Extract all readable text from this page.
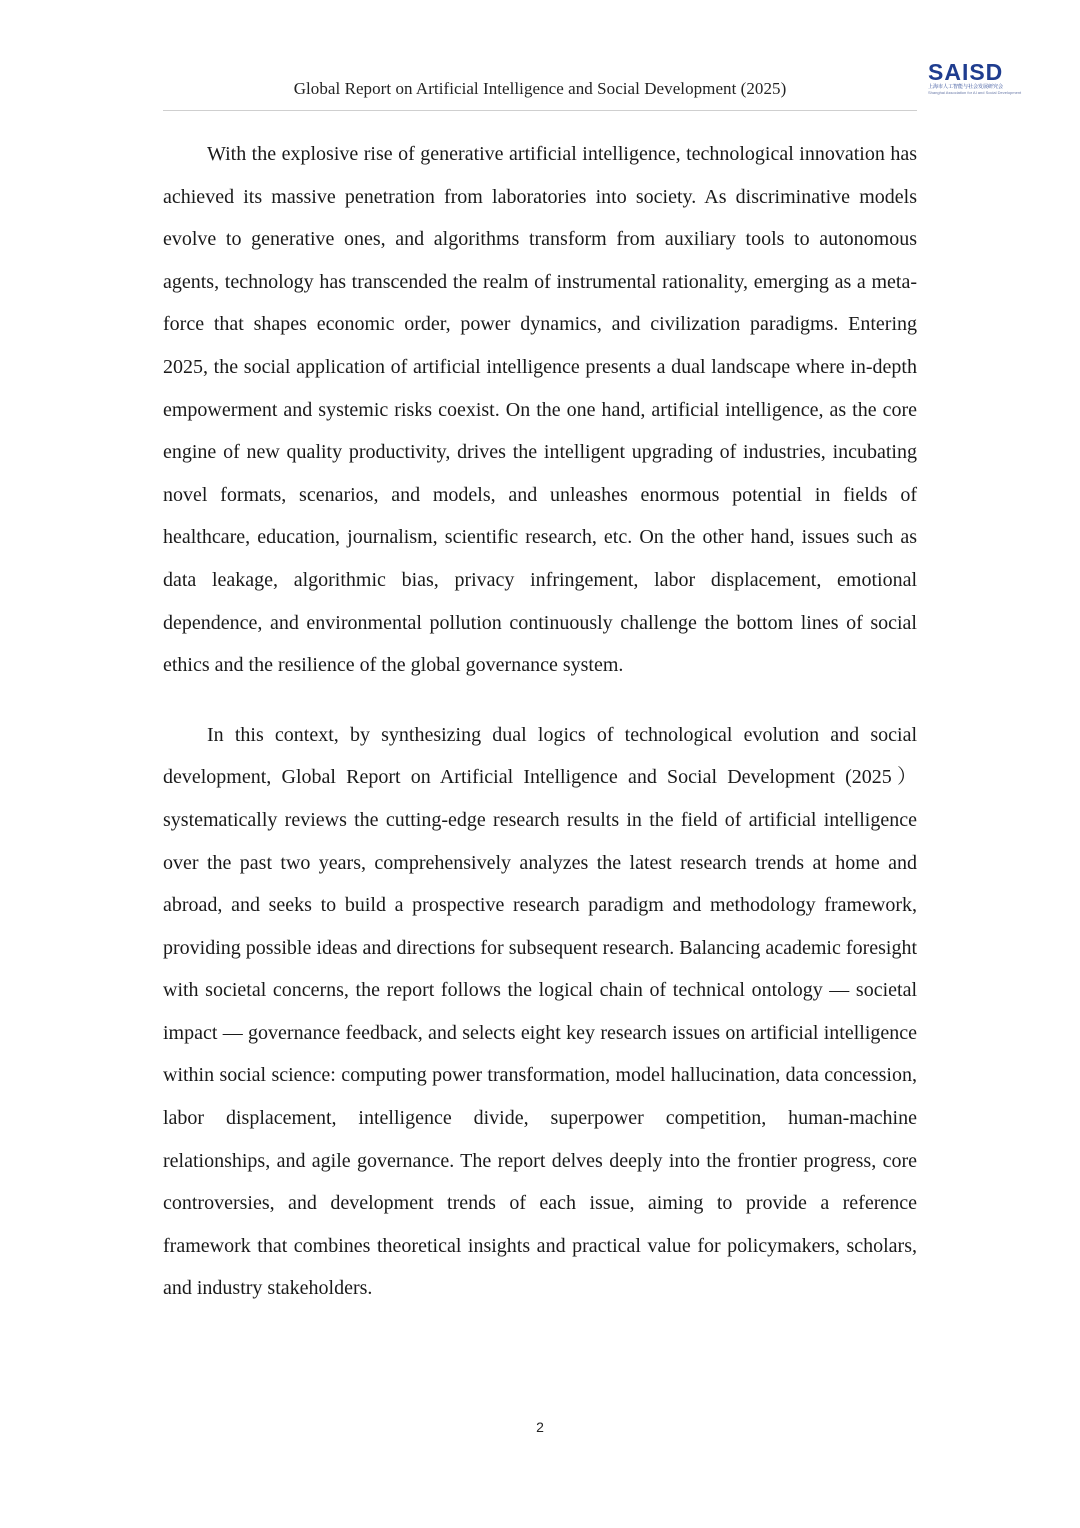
Global Report on Artificial Intelligence and Social Development (2025)
SAISD
上海市人工智能与社会发展研究会
Shanghai Association for AI and Social Development

With the explosive rise of generative artificial intelligence, technological innovation has achieved its massive penetration from laboratories into society. As discriminative models evolve to generative ones, and algorithms transform from auxiliary tools to autonomous agents, technology has transcended the realm of instrumental rationality, emerging as a meta-force that shapes economic order, power dynamics, and civilization paradigms. Entering 2025, the social application of artificial intelligence presents a dual landscape where in-depth empowerment and systemic risks coexist. On the one hand, artificial intelligence, as the core engine of new quality productivity, drives the intelligent upgrading of industries, incubating novel formats, scenarios, and models, and unleashes enormous potential in fields of healthcare, education, journalism, scientific research, etc. On the other hand, issues such as data leakage, algorithmic bias, privacy infringement, labor displacement, emotional dependence, and environmental pollution continuously challenge the bottom lines of social ethics and the resilience of the global governance system.

In this context, by synthesizing dual logics of technological evolution and social development, Global Report on Artificial Intelligence and Social Development (2025） systematically reviews the cutting-edge research results in the field of artificial intelligence over the past two years, comprehensively analyzes the latest research trends at home and abroad, and seeks to build a prospective research paradigm and methodology framework, providing possible ideas and directions for subsequent research. Balancing academic foresight with societal concerns, the report follows the logical chain of technical ontology — societal impact — governance feedback, and selects eight key research issues on artificial intelligence within social science: computing power transformation, model hallucination, data concession, labor displacement, intelligence divide, superpower competition, human-machine relationships, and agile governance. The report delves deeply into the frontier progress, core controversies, and development trends of each issue, aiming to provide a reference framework that combines theoretical insights and practical value for policymakers, scholars, and industry stakeholders.

2
